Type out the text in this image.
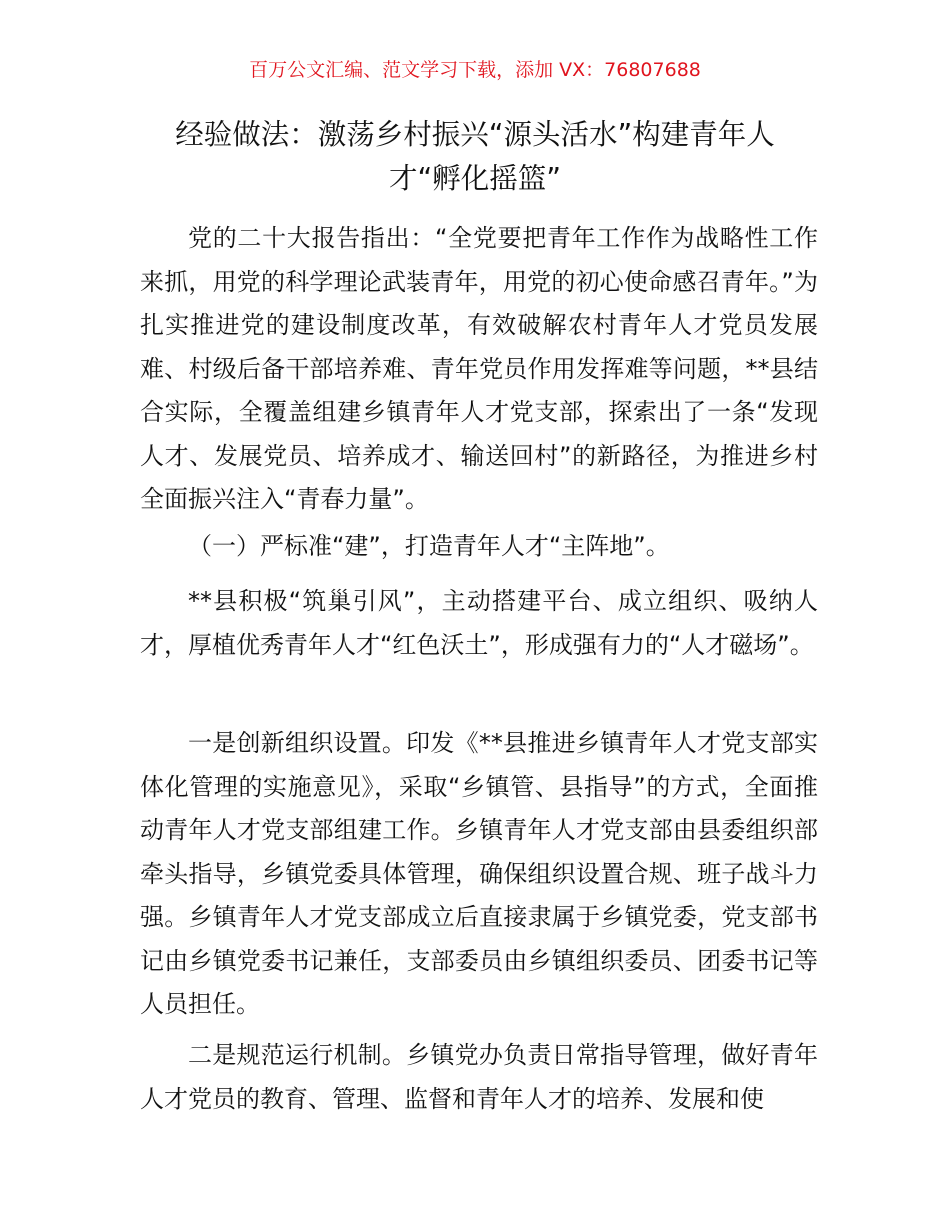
百万公文汇编、范文学习下载，添加 VX：76807688
经验做法：激荡乡村振兴“源头活水”构建青年人才“孵化摇篮”

党的二十大报告指出：“全党要把青年工作作为战略性工作来抓，用党的科学理论武装青年，用党的初心使命感召青年。”为扎实推进党的建设制度改革，有效破解农村青年人才党员发展难、村级后备干部培养难、青年党员作用发挥难等问题，**县结合实际，全覆盖组建乡镇青年人才党支部，探索出了一条“发现人才、发展党员、培养成才、输送回村”的新路径，为推进乡村全面振兴注入“青春力量”。

（一）严标准“建”，打造青年人才“主阵地”。

**县积极“筑巢引风”，主动搭建平台、成立组织、吸纳人才，厚植优秀青年人才“红色沃土”，形成强有力的“人才磁场”。

一是创新组织设置。印发《**县推进乡镇青年人才党支部实体化管理的实施意见》，采取“乡镇管、县指导”的方式，全面推动青年人才党支部组建工作。乡镇青年人才党支部由县委组织部牵头指导，乡镇党委具体管理，确保组织设置合规、班子战斗力强。乡镇青年人才党支部成立后直接隶属于乡镇党委，党支部书记由乡镇党委书记兼任，支部委员由乡镇组织委员、团委书记等人员担任。

二是规范运行机制。乡镇党办负责日常指导管理，做好青年人才党员的教育、管理、监督和青年人才的培养、发展和使
